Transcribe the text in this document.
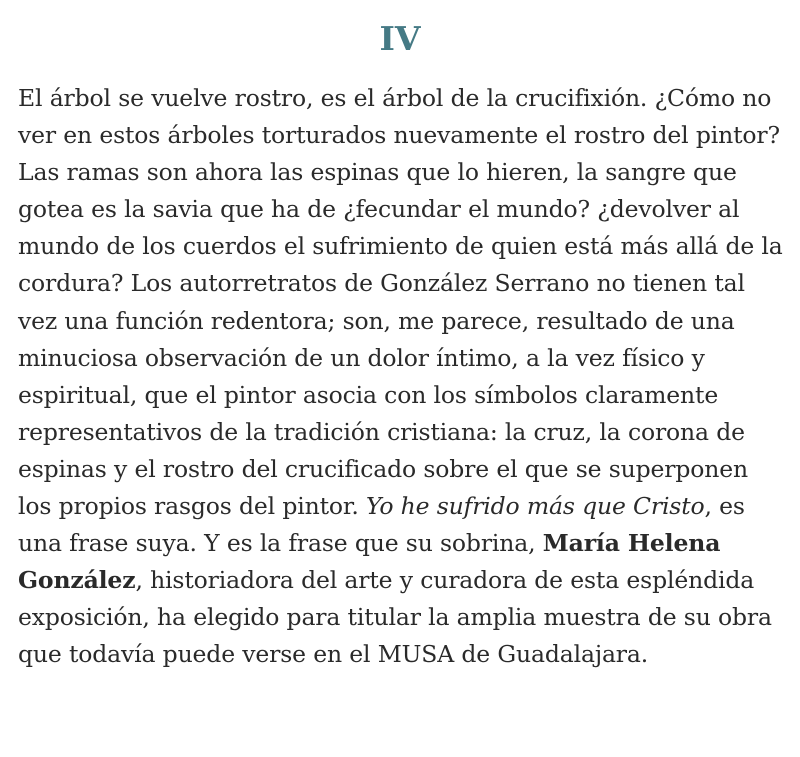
IV

El árbol se vuelve rostro, es el árbol de la crucifixión. ¿Cómo no ver en estos árboles torturados nuevamente el rostro del pintor? Las ramas son ahora las espinas que lo hieren, la sangre que gotea es la savia que ha de ¿fecundar el mundo? ¿devolver al mundo de los cuerdos el sufrimiento de quien está más allá de la cordura? Los autorretratos de González Serrano no tienen tal vez una función redentora; son, me parece, resultado de una minuciosa observación de un dolor íntimo, a la vez físico y espiritual, que el pintor asocia con los símbolos claramente representativos de la tradición cristiana: la cruz, la corona de espinas y el rostro del crucificado sobre el que se superponen los propios rasgos del pintor. Yo he sufrido más que Cristo, es una frase suya. Y es la frase que su sobrina, María Helena González, historiadora del arte y curadora de esta espléndida exposición, ha elegido para titular la amplia muestra de su obra que todavía puede verse en el MUSA de Guadalajara.
